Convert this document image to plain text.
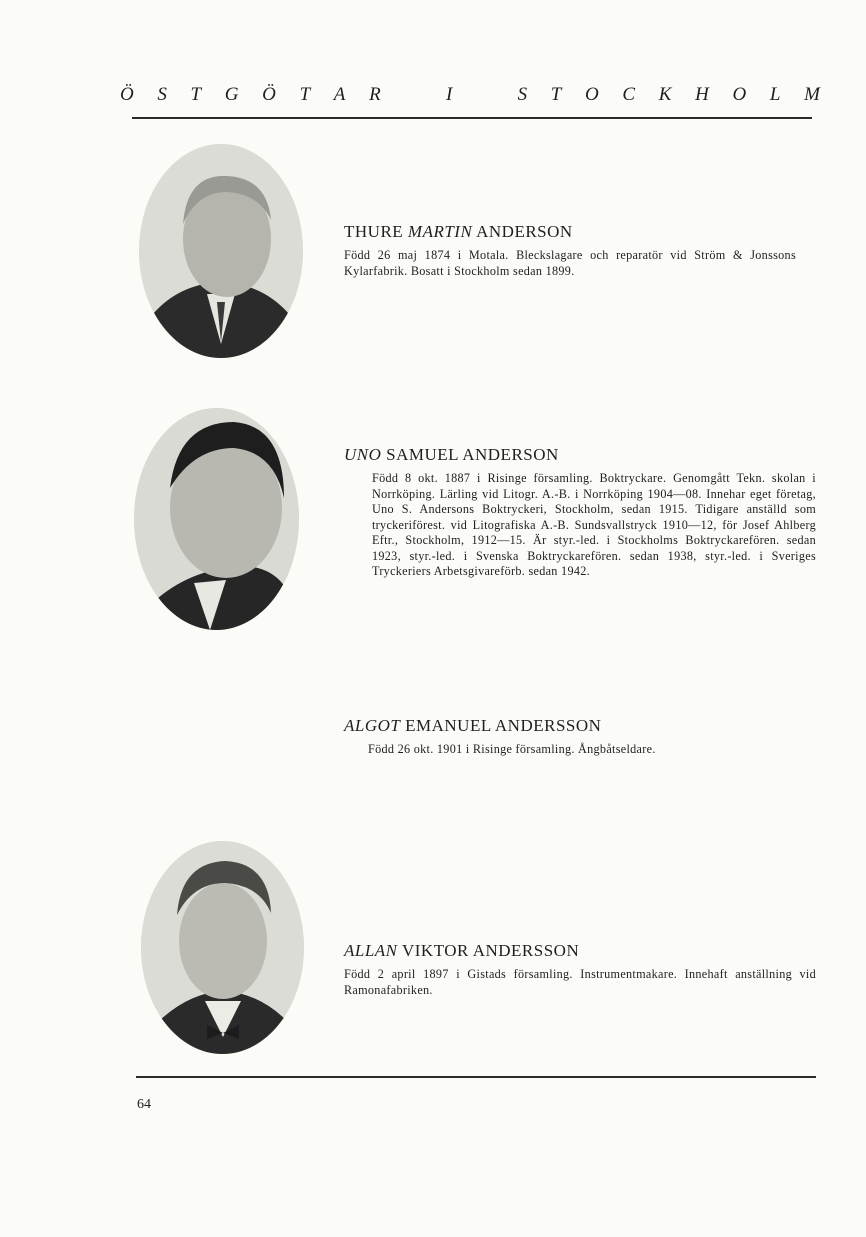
Ö S T G Ö T A R	I	S T O C K H O L M

THURE MARTIN ANDERSON

Född 26 maj 1874 i Motala. Bleckslagare och reparatör vid Ström & Jonssons Kylarfabrik. Bosatt i Stockholm sedan 1899.

UNO SAMUEL ANDERSON

Född 8 okt. 1887 i Risinge församling. Boktryckare. Genomgått Tekn. skolan i Norrköping. Lärling vid Litogr. A.-B. i Norrköping 1904—08. Innehar eget företag, Uno S. Andersons Boktryckeri, Stockholm, sedan 1915. Tidigare anställd som tryckeriförest. vid Litografiska A.-B. Sundsvallstryck 1910—12, för Josef Ahlberg Eftr., Stockholm, 1912—15. Är styr.-led. i Stockholms Boktryckarefören. sedan 1923, styr.-led. i Svenska Boktryckarefören. sedan 1938, styr.-led. i Sveriges Tryckeriers Arbetsgivareförb. sedan 1942.

ALGOT EMANUEL ANDERSSON

Född 26 okt. 1901 i Risinge församling. Ångbåtseldare.

ALLAN VIKTOR ANDERSSON

Född 2 april 1897 i Gistads församling. Instrumentmakare. Innehaft anställning vid Ramonafabriken.

64
